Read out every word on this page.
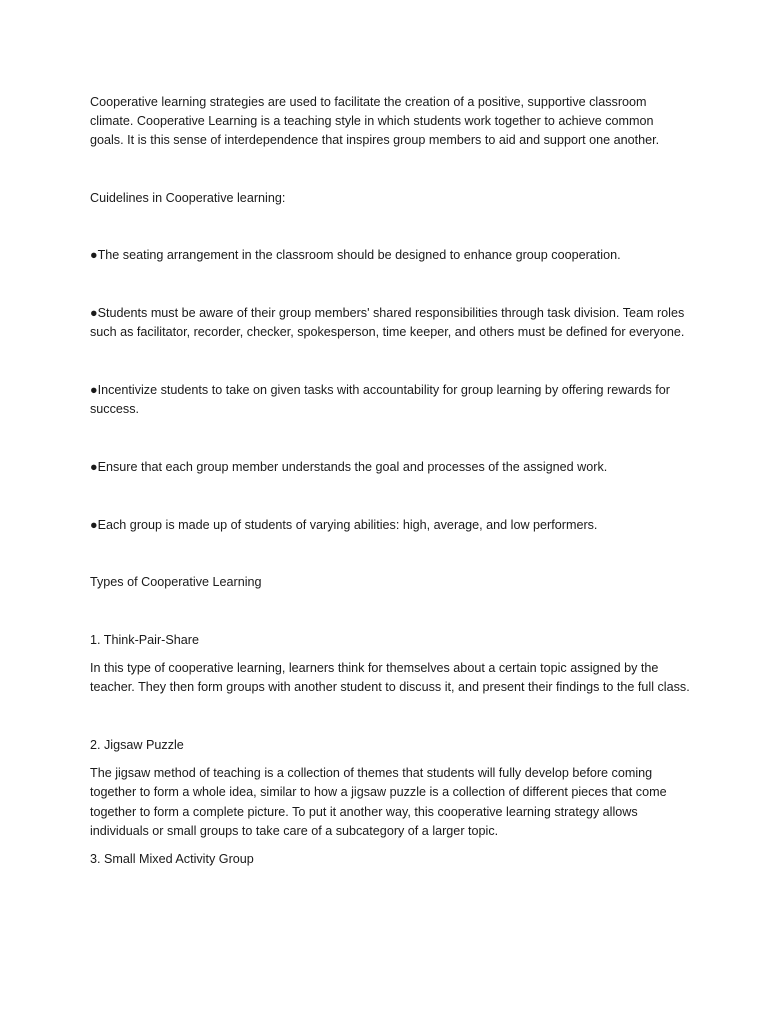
Cooperative learning strategies are used to facilitate the creation of a positive, supportive classroom climate. Cooperative Learning is a teaching style in which students work together to achieve common goals. It is this sense of interdependence that inspires group members to aid and support one another.

Cuidelines in Cooperative learning:

●The seating arrangement in the classroom should be designed to enhance group cooperation.

●Students must be aware of their group members' shared responsibilities through task division. Team roles such as facilitator, recorder, checker, spokesperson, time keeper, and others must be defined for everyone.

●Incentivize students to take on given tasks with accountability for group learning by offering rewards for success.

●Ensure that each group member understands the goal and processes of the assigned work.

●Each group is made up of students of varying abilities: high, average, and low performers.

Types of Cooperative Learning

1. Think-Pair-Share

In this type of cooperative learning, learners think for themselves about a certain topic assigned by the teacher. They then form groups with another student to discuss it, and present their findings to the full class.

2. Jigsaw Puzzle

The jigsaw method of teaching is a collection of themes that students will fully develop before coming together to form a whole idea, similar to how a jigsaw puzzle is a collection of different pieces that come together to form a complete picture. To put it another way, this cooperative learning strategy allows individuals or small groups to take care of a subcategory of a larger topic.

3. Small Mixed Activity Group
